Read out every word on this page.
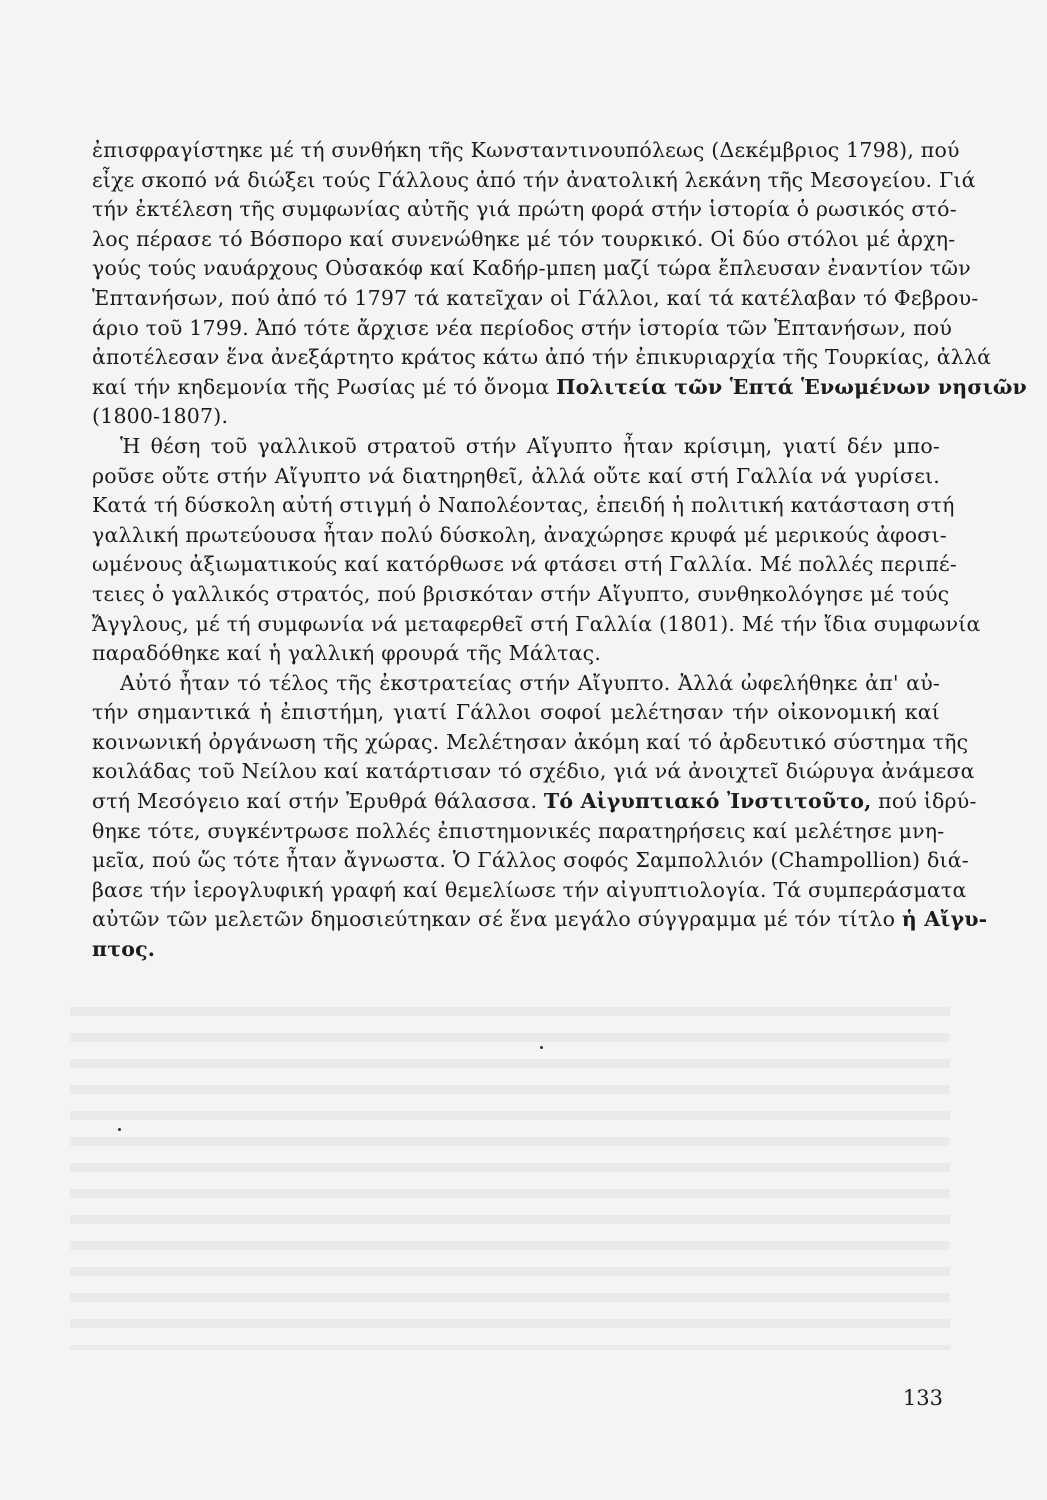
ἐπισφραγίστηκε μέ τή συνθήκη τῆς Κωνσταντινουπόλεως (Δεκέμβριος 1798), πού
εἶχε σκοπό νά διώξει τούς Γάλλους ἀπό τήν ἀνατολική λεκάνη τῆς Μεσογείου. Γιά
τήν ἐκτέλεση τῆς συμφωνίας αὐτῆς γιά πρώτη φορά στήν ἱστορία ὁ ρωσικός στό-
λος πέρασε τό Βόσπορο καί συνενώθηκε μέ τόν τουρκικό. Οἱ δύο στόλοι μέ ἀρχη-
γούς τούς ναυάρχους Οὐσακόφ καί Καδήρ-μπεη μαζί τώρα ἔπλευσαν ἐναντίον τῶν
Ἑπτανήσων, πού ἀπό τό 1797 τά κατεῖχαν οἱ Γάλλοι, καί τά κατέλαβαν τό Φεβρου-
άριο τοῦ 1799. Ἀπό τότε ἄρχισε νέα περίοδος στήν ἱστορία τῶν Ἑπτανήσων, πού
ἀποτέλεσαν ἕνα ἀνεξάρτητο κράτος κάτω ἀπό τήν ἐπικυριαρχία τῆς Τουρκίας, ἀλλά
καί τήν κηδεμονία τῆς Ρωσίας μέ τό ὄνομα Πολιτεία τῶν Ἑπτά Ἑνωμένων νησιῶν
(1800-1807).
Ἡ θέση τοῦ γαλλικοῦ στρατοῦ στήν Αἴγυπτο ἦταν κρίσιμη, γιατί δέν μπο-
ροῦσε οὔτε στήν Αἴγυπτο νά διατηρηθεῖ, ἀλλά οὔτε καί στή Γαλλία νά γυρίσει.
Κατά τή δύσκολη αὐτή στιγμή ὁ Ναπολέοντας, ἐπειδή ἡ πολιτική κατάσταση στή
γαλλική πρωτεύουσα ἦταν πολύ δύσκολη, ἀναχώρησε κρυφά μέ μερικούς ἀφοσι-
ωμένους ἀξιωματικούς καί κατόρθωσε νά φτάσει στή Γαλλία. Μέ πολλές περιπέ-
τειες ὁ γαλλικός στρατός, πού βρισκόταν στήν Αἴγυπτο, συνθηκολόγησε μέ τούς
Ἄγγλους, μέ τή συμφωνία νά μεταφερθεῖ στή Γαλλία (1801). Μέ τήν ἴδια συμφωνία
παραδόθηκε καί ἡ γαλλική φρουρά τῆς Μάλτας.
Αὐτό ἦταν τό τέλος τῆς ἐκστρατείας στήν Αἴγυπτο. Ἀλλά ὠφελήθηκε ἀπ' αὐ-
τήν σημαντικά ἡ ἐπιστήμη, γιατί Γάλλοι σοφοί μελέτησαν τήν οἰκονομική καί
κοινωνική ὀργάνωση τῆς χώρας. Μελέτησαν ἀκόμη καί τό ἀρδευτικό σύστημα τῆς
κοιλάδας τοῦ Νείλου καί κατάρτισαν τό σχέδιο, γιά νά ἀνοιχτεῖ διώρυγα ἀνάμεσα
στή Μεσόγειο καί στήν Ἐρυθρά θάλασσα. Τό Αἰγυπτιακό Ἰνστιτοῦτο, πού ἱδρύ-
θηκε τότε, συγκέντρωσε πολλές ἐπιστημονικές παρατηρήσεις καί μελέτησε μνη-
μεῖα, πού ὥς τότε ἦταν ἄγνωστα. Ὁ Γάλλος σοφός Σαμπολλιόν (Champollion) διά-
βασε τήν ἱερογλυφική γραφή καί θεμελίωσε τήν αἰγυπτιολογία. Τά συμπεράσματα
αὐτῶν τῶν μελετῶν δημοσιεύτηκαν σέ ἕνα μεγάλο σύγγραμμα μέ τόν τίτλο ἡ Αἴγυ-
πτος.
133
